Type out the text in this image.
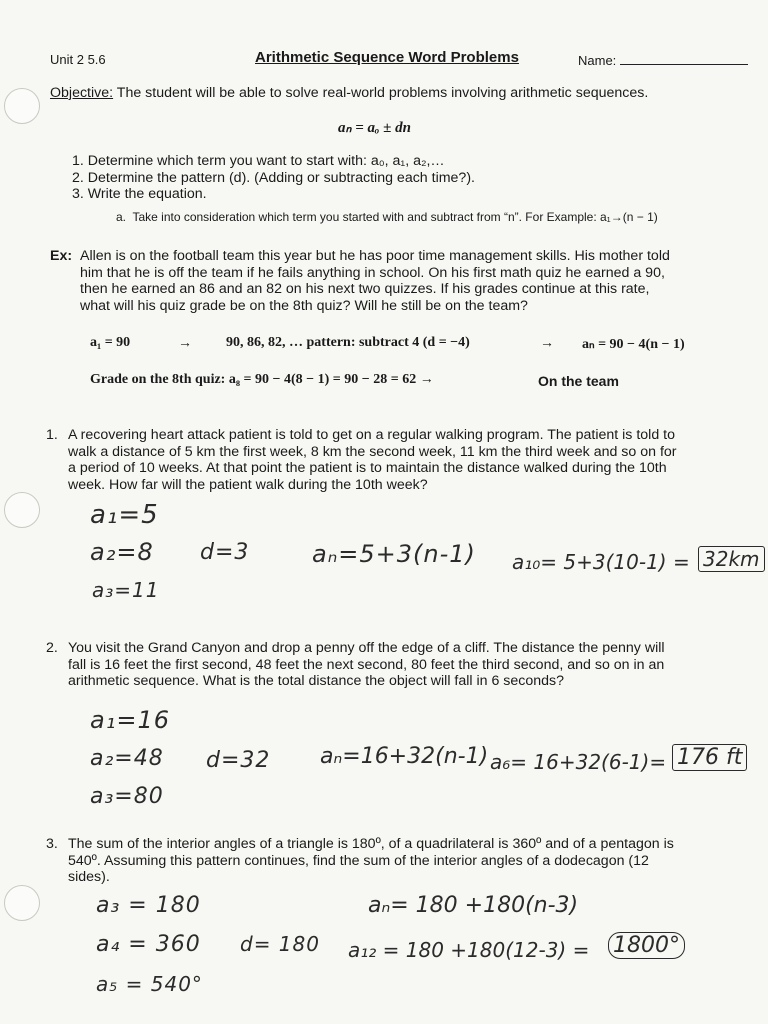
Unit 2 5.6	Arithmetic Sequence Word Problems	Name:
Objective: The student will be able to solve real-world problems involving arithmetic sequences.
aₙ = aₒ ± dn
1. Determine which term you want to start with: a₀, a₁, a₂,…
2. Determine the pattern (d). (Adding or subtracting each time?).
3. Write the equation.
a. Take into consideration which term you started with and subtract from “n”. For Example: a₁→(n − 1)
Ex: Allen is on the football team this year but he has poor time management skills. His mother told
him that he is off the team if he fails anything in school. On his first math quiz he earned a 90,
then he earned an 86 and an 82 on his next two quizzes. If his grades continue at this rate,
what will his quiz grade be on the 8th quiz? Will he still be on the team?
a₁ = 90	→ 90, 86, 82, … pattern: subtract 4 (d = −4)	→ aₙ = 90 − 4(n − 1)
Grade on the 8th quiz: a₈ = 90 − 4(8 − 1) = 90 − 28 = 62 →	On the team
1. A recovering heart attack patient is told to get on a regular walking program. The patient is told to
walk a distance of 5 km the first week, 8 km the second week, 11 km the third week and so on for
a period of 10 weeks. At that point the patient is to maintain the distance walked during the 10th
week. How far will the patient walk during the 10th week?
a₁=5
a₂=8
a₃=11
d=3	aₙ=5+3(n-1) a₁₀= 5+3(10-1) = 32km
2. You visit the Grand Canyon and drop a penny off the edge of a cliff. The distance the penny will
fall is 16 feet the first second, 48 feet the next second, 80 feet the third second, and so on in an
arithmetic sequence. What is the total distance the object will fall in 6 seconds?
a₁=16
a₂=48
a₃=80
d=32 aₙ=16+32(n-1) a₆= 16+32(6-1)= 176 ft
3. The sum of the interior angles of a triangle is 180º, of a quadrilateral is 360º and of a pentagon is
540º. Assuming this pattern continues, find the sum of the interior angles of a dodecagon (12
sides).
a₃ = 180
a₄ = 360
a₅ = 540°
d= 180
aₙ= 180 +180(n-3)
a₁₂ = 180 +180(12-3) = 1800°
